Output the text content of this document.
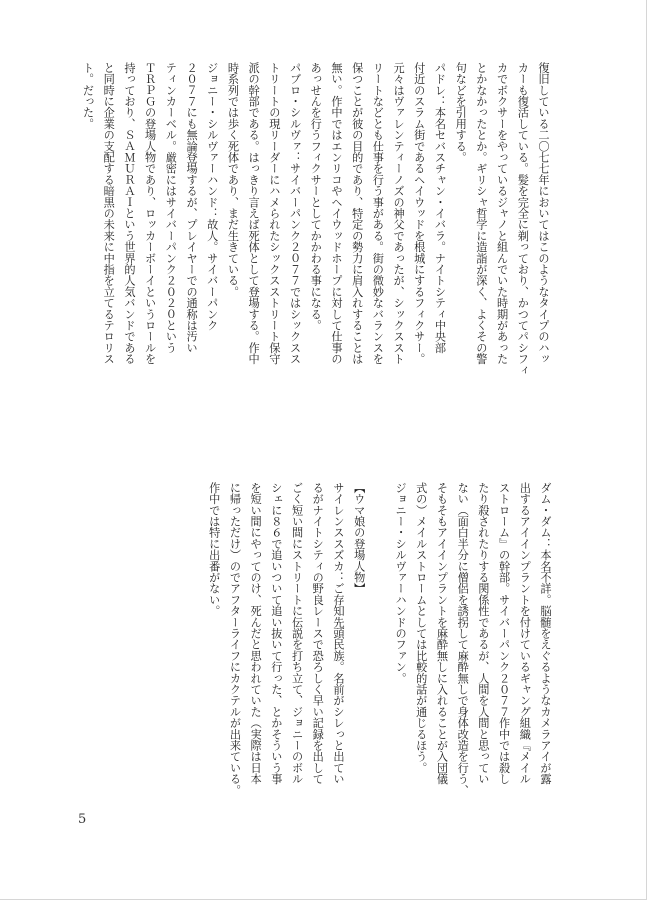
復旧している二〇七七年においてはこのようなタイプのハッ
カーも復活している。髪を完全に剃っており、かつてパシフィ
カでボクサーをやっているジャノと組んでいた時期があった
とかなかったとか。ギリシャ哲学に造詣が深く、よくその警
句などを引用する。
パドレ：本名セバスチャン・イバラ。ナイトシティ中央部
付近のスラム街であるヘイウッドを根城にするフィクサー。
元々はヴァレンティーノズの神父であったが、シックススト
リートなどとも仕事を行う事がある。街の微妙なバランスを
保つことが彼の目的であり、特定の勢力に肩入れすることは
無い。作中ではエンリコやヘイウッドホープに対して仕事の
あっせんを行うフィクサーとしてかかわる事になる。
パブロ・シルヴァ：サイバーパンク２０７７ではシックスス
トリートの現リーダーにハメられたシックスストリート保守
派の幹部である。はっきり言えば死体として登場する。作中
時系列では歩く死体であり、まだ生きている。
ジョニー・シルヴァーハンド：故人。サイバーパンク
２０７７にも無論登場するが、プレイヤーでの通称は汚い
ティンカーベル。厳密にはサイバーパンク２０２０という
ＴＲＰＧの登場人物であり、ロッカーボーイというロールを
持っており、ＳＡＭＵＲＡＩという世界的人気バンドである
と同時に企業の支配する暗黒の未来に中指を立てるテロリス
ト。だった。
ダム・ダム：本名不詳。脳髄をえぐるようなカメラアイが露
出するアイインプラントを付けているギャング組織『メイル
ストローム』の幹部。サイバーパンク２０７７作中では殺し
たり殺されたりする関係性であるが、人間を人間と思ってい
ない（面白半分に僧侶を誘拐して麻酔無しで身体改造を行う、
そもそもアイインプラントを麻酔無しに入れることが入団儀
式の）メイルストロームとしては比較的話が通じるほう。
ジョニー・シルヴァーハンドのファン。

【ウマ娘の登場人物】
サイレンススズカ：ご存知先頭民族。名前がシレっと出てい
るがナイトシティの野良レースで恐ろしく早い記録を出して
ごく短い間にストリートに伝説を打ち立て、ジョニーのボル
シェに８６で追いついて追い抜いて行った、とかそういう事
を短い間にやってのけ、死んだと思われていた（実際は日本
に帰っただけ）のでアフターライフにカクテルが出来ている。
作中では特に出番がない。
5
